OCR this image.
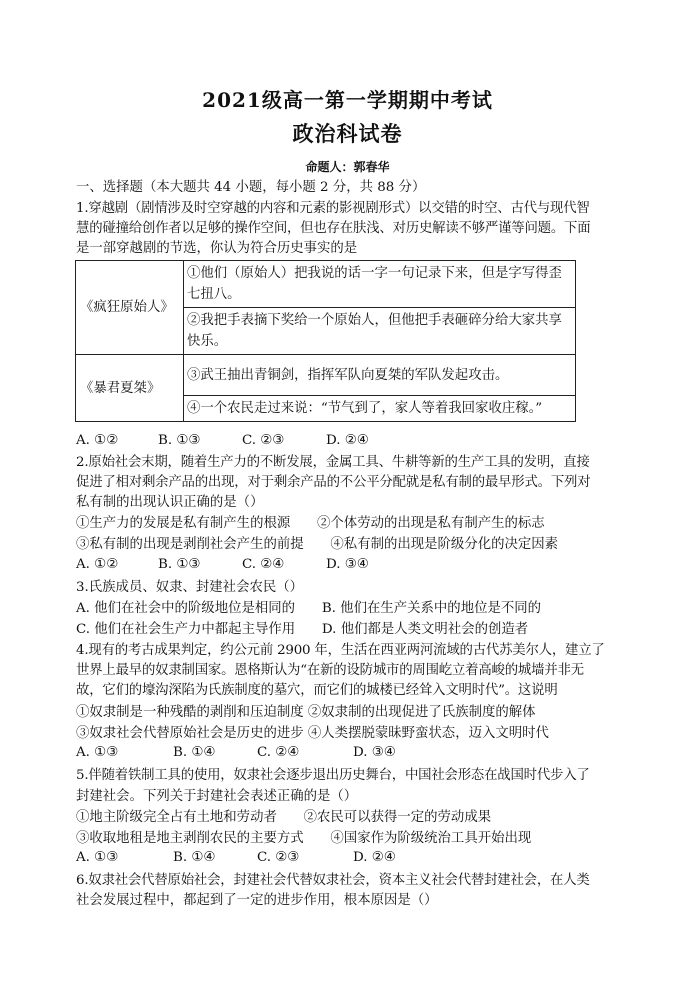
2021级高一第一学期期中考试
政治科试卷
命题人：郭春华
一、选择题（本大题共 44 小题，每小题 2 分，共 88 分）
1.穿越剧（剧情涉及时空穿越的内容和元素的影视剧形式）以交错的时空、古代与现代智
慧的碰撞给创作者以足够的操作空间，但也存在肤浅、对历史解读不够严谨等问题。下面
是一部穿越剧的节选，你认为符合历史事实的是
《疯狂原始人》	①他们（原始人）把我说的话一字一句记录下来，但是字写得歪七扭八。
	②我把手表摘下奖给一个原始人，但他把手表砸碎分给大家共享快乐。
《暴君夏桀》	③武王抽出青铜剑，指挥军队向夏桀的军队发起攻击。
	④一个农民走过来说：“节气到了，家人等着我回家收庄稼。”
A. ①②	B. ①③	C. ②③	D. ②④
2.原始社会末期，随着生产力的不断发展，金属工具、牛耕等新的生产工具的发明，直接
促进了相对剩余产品的出现，对于剩余产品的不公平分配就是私有制的最早形式。下列对
私有制的出现认识正确的是（）
①生产力的发展是私有制产生的根源　　②个体劳动的出现是私有制产生的标志
③私有制的出现是剥削社会产生的前提　　④私有制的出现是阶级分化的决定因素
A. ①②	B. ①③	C. ②④	D. ③④
3.氏族成员、奴隶、封建社会农民（）
A. 他们在社会中的阶级地位是相同的　　B. 他们在生产关系中的地位是不同的
C. 他们在社会生产力中都起主导作用　　D. 他们都是人类文明社会的创造者
4.现有的考古成果判定，约公元前 2900 年，生活在西亚两河流域的古代苏美尔人，建立了
世界上最早的奴隶制国家。恩格斯认为“在新的设防城市的周围屹立着高峻的城墙并非无
故，它们的壕沟深陷为氏族制度的墓穴，而它们的城楼已经耸入文明时代”。这说明
①奴隶制是一种残酷的剥削和压迫制度 ②奴隶制的出现促进了氏族制度的解体
③奴隶社会代替原始社会是历史的进步 ④人类摆脱蒙昧野蛮状态，迈入文明时代
A. ①③	B. ①④	C. ②④	D. ③④
5.伴随着铁制工具的使用，奴隶社会逐步退出历史舞台，中国社会形态在战国时代步入了
封建社会。下列关于封建社会表述正确的是（）
①地主阶级完全占有土地和劳动者　　②农民可以获得一定的劳动成果
③收取地租是地主剥削农民的主要方式　　④国家作为阶级统治工具开始出现
A. ①③	B. ①④	C. ②③	D. ②④
6.奴隶社会代替原始社会，封建社会代替奴隶社会，资本主义社会代替封建社会，在人类
社会发展过程中，都起到了一定的进步作用，根本原因是（）
